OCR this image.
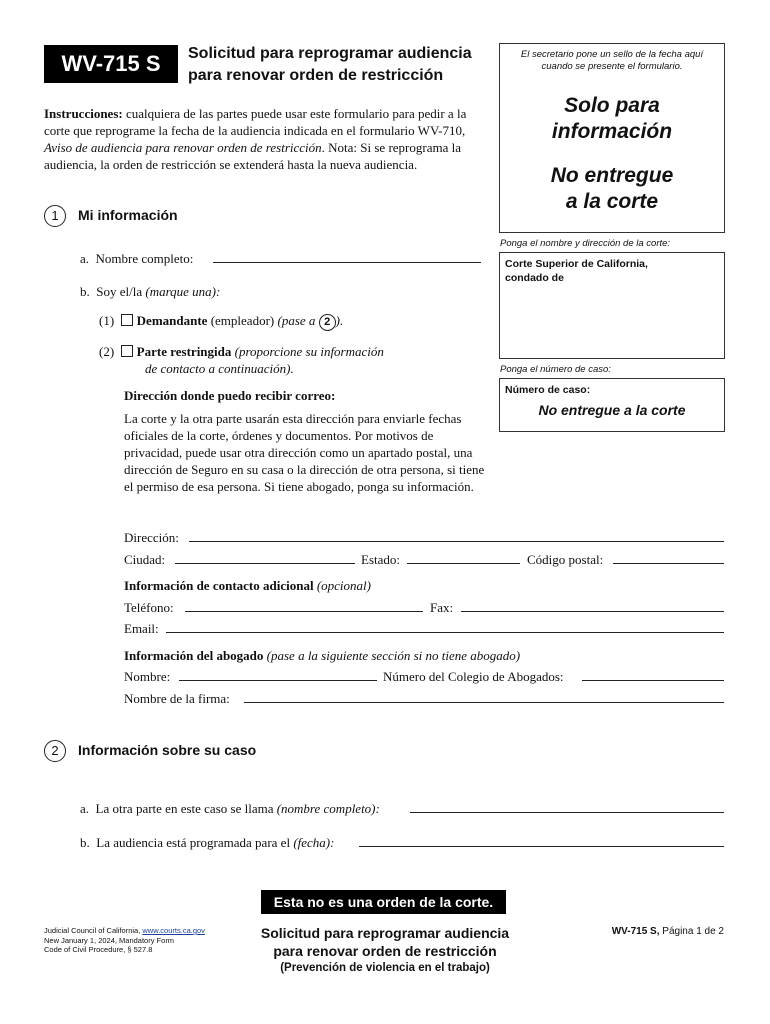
WV-715 S	Solicitud para reprogramar audiencia
para renovar orden de restricción
El secretario pone un sello de la fecha aquí
cuando se presente el formulario.
Solo para
información
No entregue
a la corte
Ponga el nombre y dirección de la corte:
Corte Superior de California,
condado de
Ponga el número de caso:
Número de caso:
No entregue a la corte
Instrucciones: cualquiera de las partes puede usar este formulario para pedir a la corte que reprograme la fecha de la audiencia indicada en el formulario WV-710, Aviso de audiencia para renovar orden de restricción. Nota: Si se reprograma la audiencia, la orden de restricción se extenderá hasta la nueva audiencia.
1	Mi información
a. Nombre completo:
b. Soy el/la (marque una):
(1) Demandante (empleador) (pase a 2 ).
(2) Parte restringida (proporcione su información
de contacto a continuación).
Dirección donde puedo recibir correo:
La corte y la otra parte usarán esta dirección para enviarle fechas oficiales de la corte, órdenes y documentos. Por motivos de privacidad, puede usar otra dirección como un apartado postal, una dirección de Seguro en su casa o la dirección de otra persona, si tiene el permiso de esa persona. Si tiene abogado, ponga su información.
Dirección:
Ciudad:	Estado:	Código postal:
Información de contacto adicional (opcional)
Teléfono:	Fax:
Email:
Información del abogado (pase a la siguiente sección si no tiene abogado)
Nombre:	Número del Colegio de Abogados:
Nombre de la firma:
2	Información sobre su caso
a. La otra parte en este caso se llama (nombre completo):
b. La audiencia está programada para el (fecha):
Esta no es una orden de la corte.
Judicial Council of California, www.courts.ca.gov
New January 1, 2024, Mandatory Form
Code of Civil Procedure, § 527.8
Solicitud para reprogramar audiencia
para renovar orden de restricción
(Prevención de violencia en el trabajo)
WV-715 S, Página 1 de 2
